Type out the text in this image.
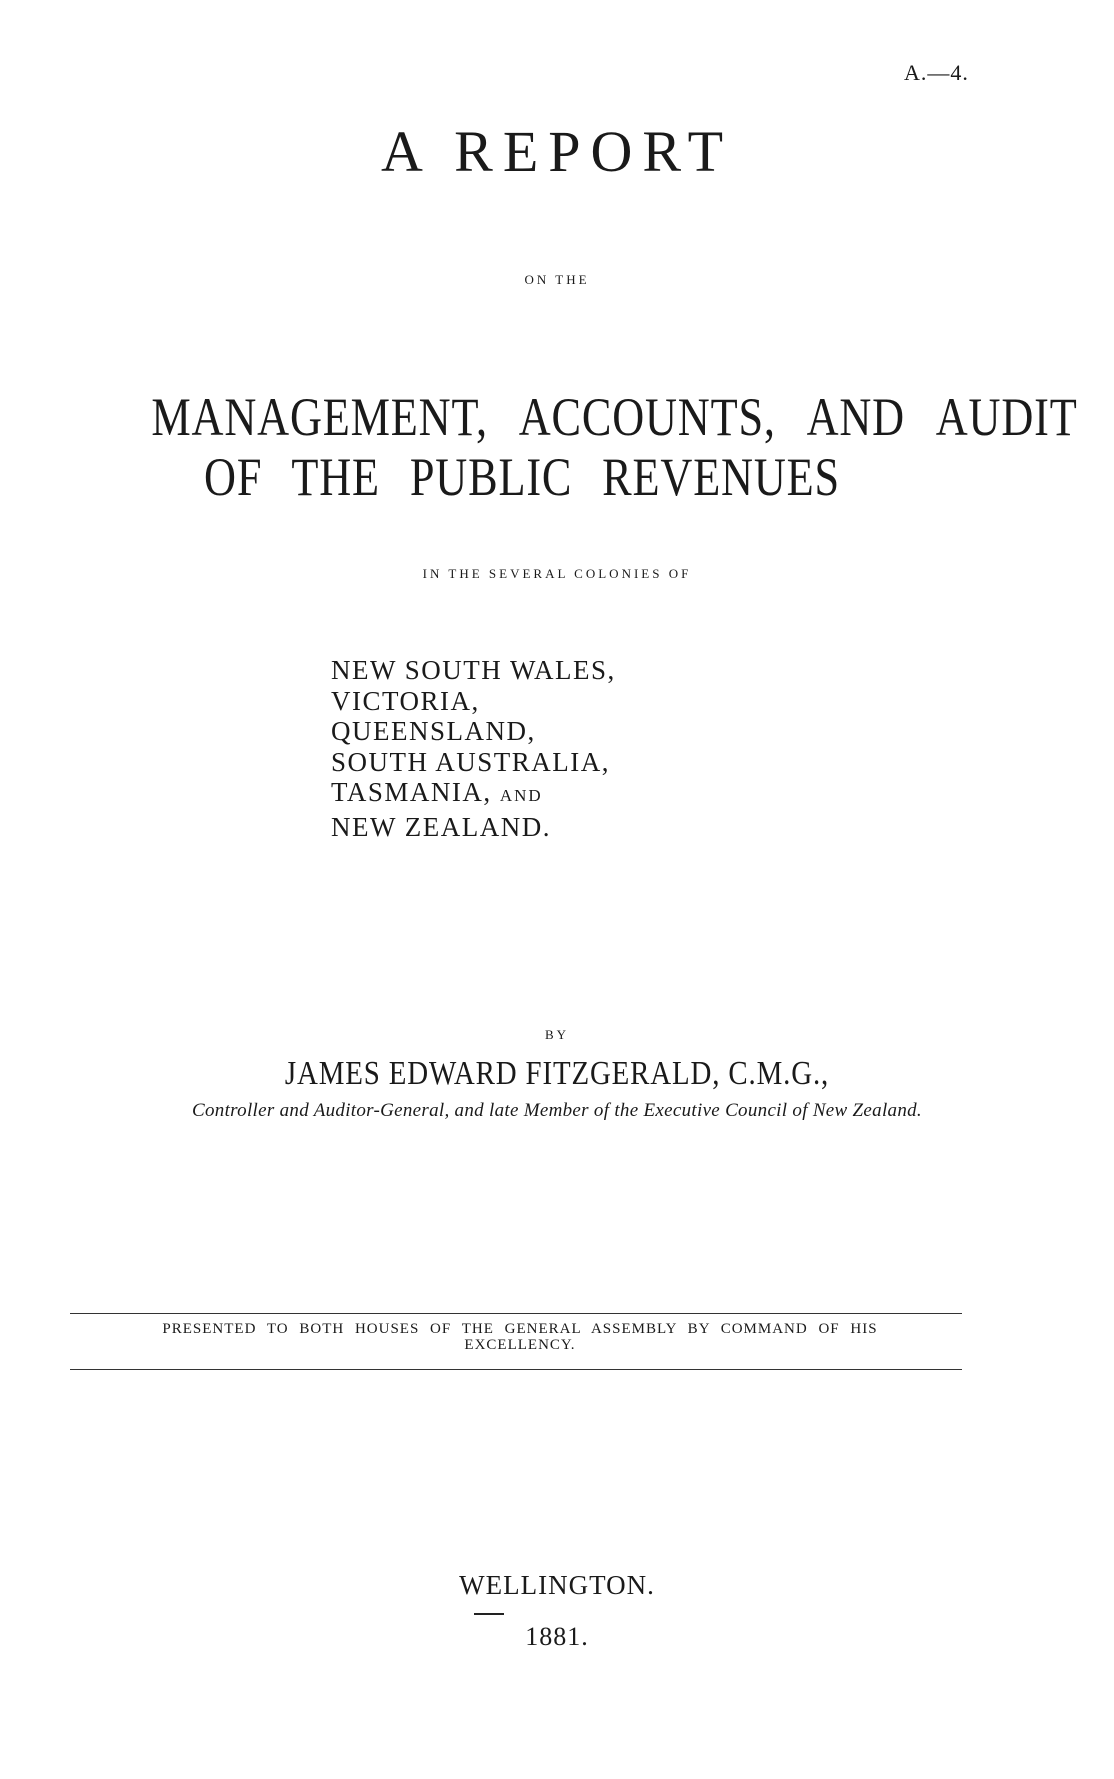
A.—4.
A REPORT
ON THE
MANAGEMENT, ACCOUNTS, AND AUDIT
OF THE PUBLIC REVENUES
IN THE SEVERAL COLONIES OF
NEW SOUTH WALES,
VICTORIA,
QUEENSLAND,
SOUTH AUSTRALIA,
TASMANIA, AND
NEW ZEALAND.
BY
JAMES EDWARD FITZGERALD, C.M.G.,
Controller and Auditor-General, and late Member of the Executive Council of New Zealand.
PRESENTED TO BOTH HOUSES OF THE GENERAL ASSEMBLY BY COMMAND OF HIS EXCELLENCY.
WELLINGTON.
1881.
